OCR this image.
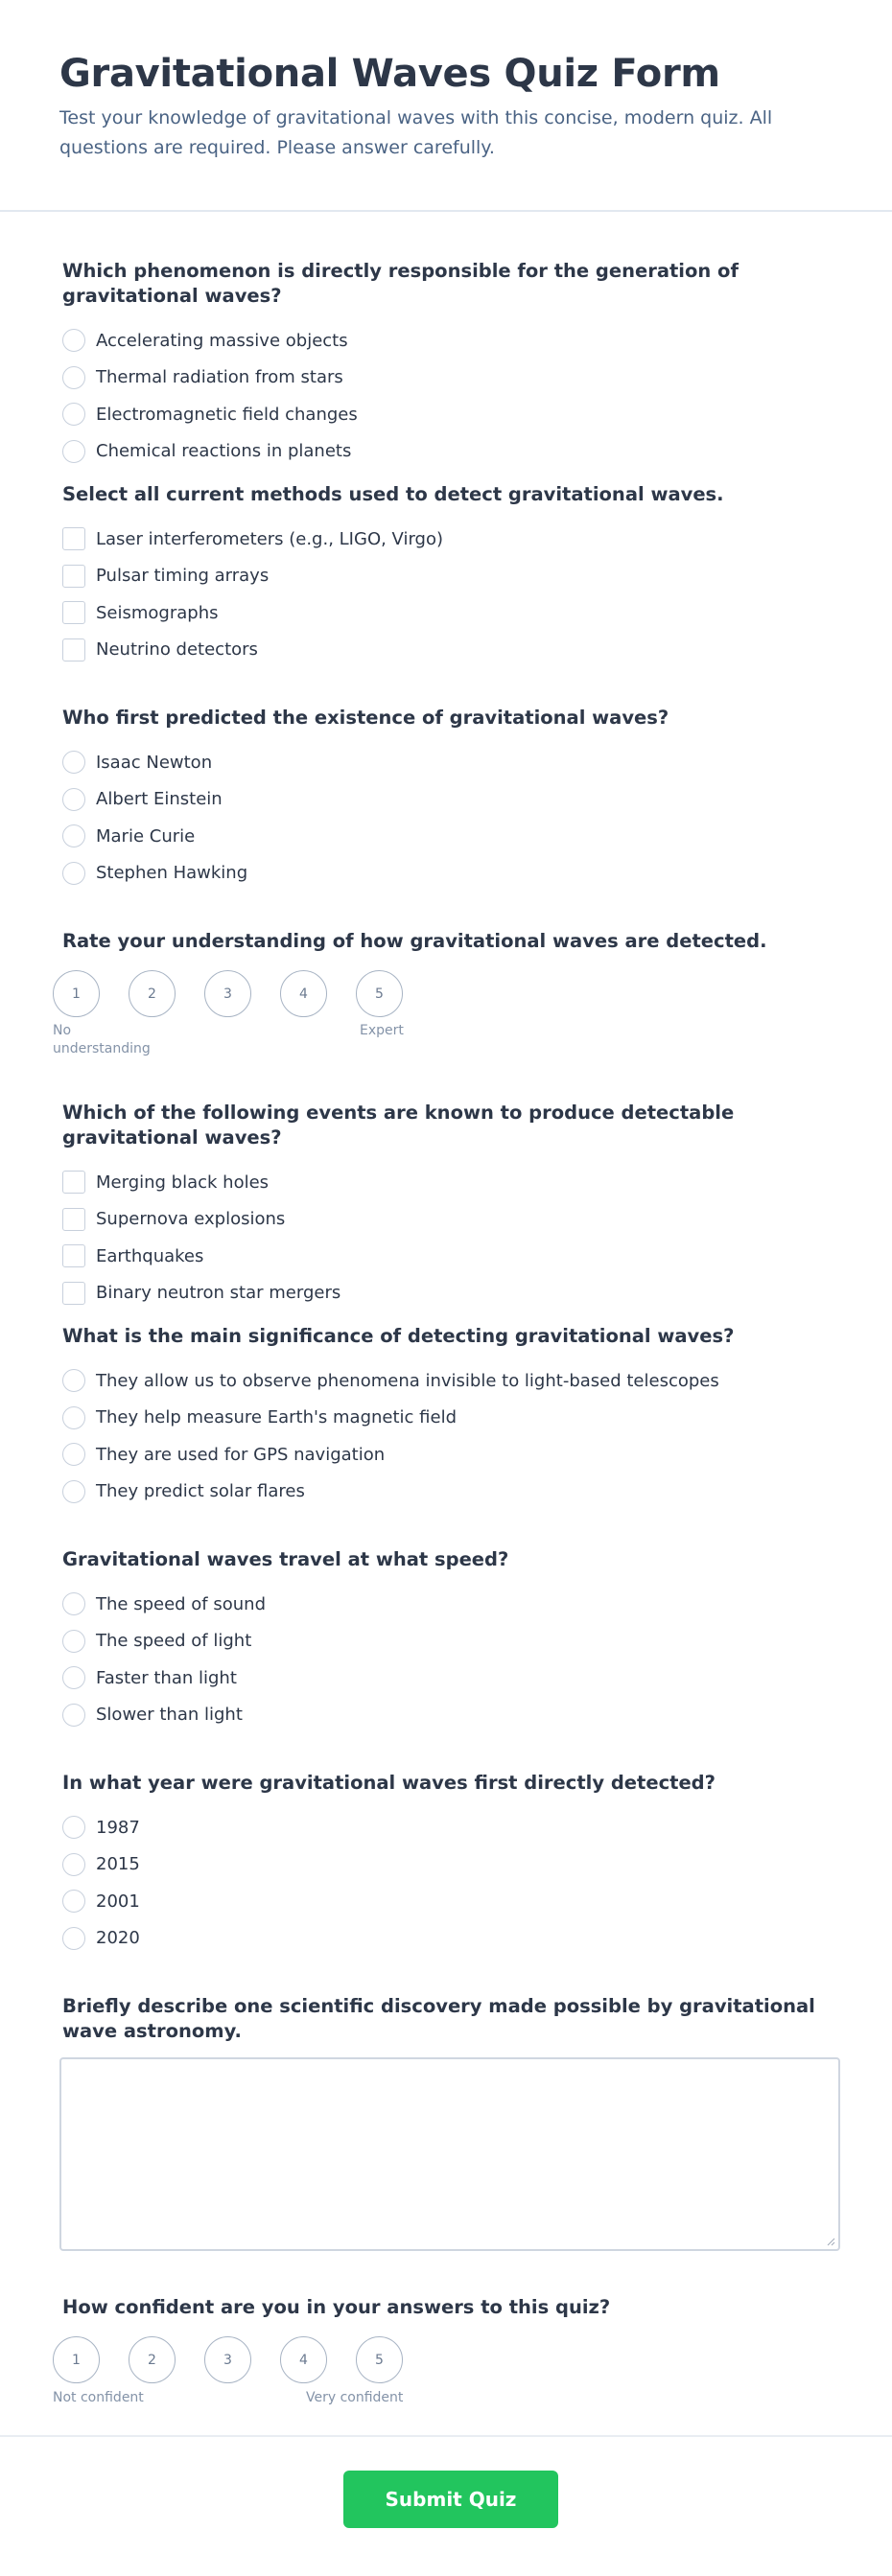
Gravitational Waves Quiz Form

Test your knowledge of gravitational waves with this concise, modern quiz. All questions are required. Please answer carefully.

Which phenomenon is directly responsible for the generation of gravitational waves?
Accelerating massive objects
Thermal radiation from stars
Electromagnetic field changes
Chemical reactions in planets
Select all current methods used to detect gravitational waves.
Laser interferometers (e.g., LIGO, Virgo)
Pulsar timing arrays
Seismographs
Neutrino detectors
Who first predicted the existence of gravitational waves?
Isaac Newton
Albert Einstein
Marie Curie
Stephen Hawking
Rate your understanding of how gravitational waves are detected.
1	2	3	4	5
No understanding
Expert
Which of the following events are known to produce detectable gravitational waves?
Merging black holes
Supernova explosions
Earthquakes
Binary neutron star mergers
What is the main significance of detecting gravitational waves?
They allow us to observe phenomena invisible to light-based telescopes
They help measure Earth's magnetic field
They are used for GPS navigation
They predict solar flares
Gravitational waves travel at what speed?
The speed of sound
The speed of light
Faster than light
Slower than light
In what year were gravitational waves first directly detected?
1987
2015
2001
2020
Briefly describe one scientific discovery made possible by gravitational wave astronomy.
How confident are you in your answers to this quiz?
1	2	3	4	5
Not confident	Very confident
Submit Quiz
